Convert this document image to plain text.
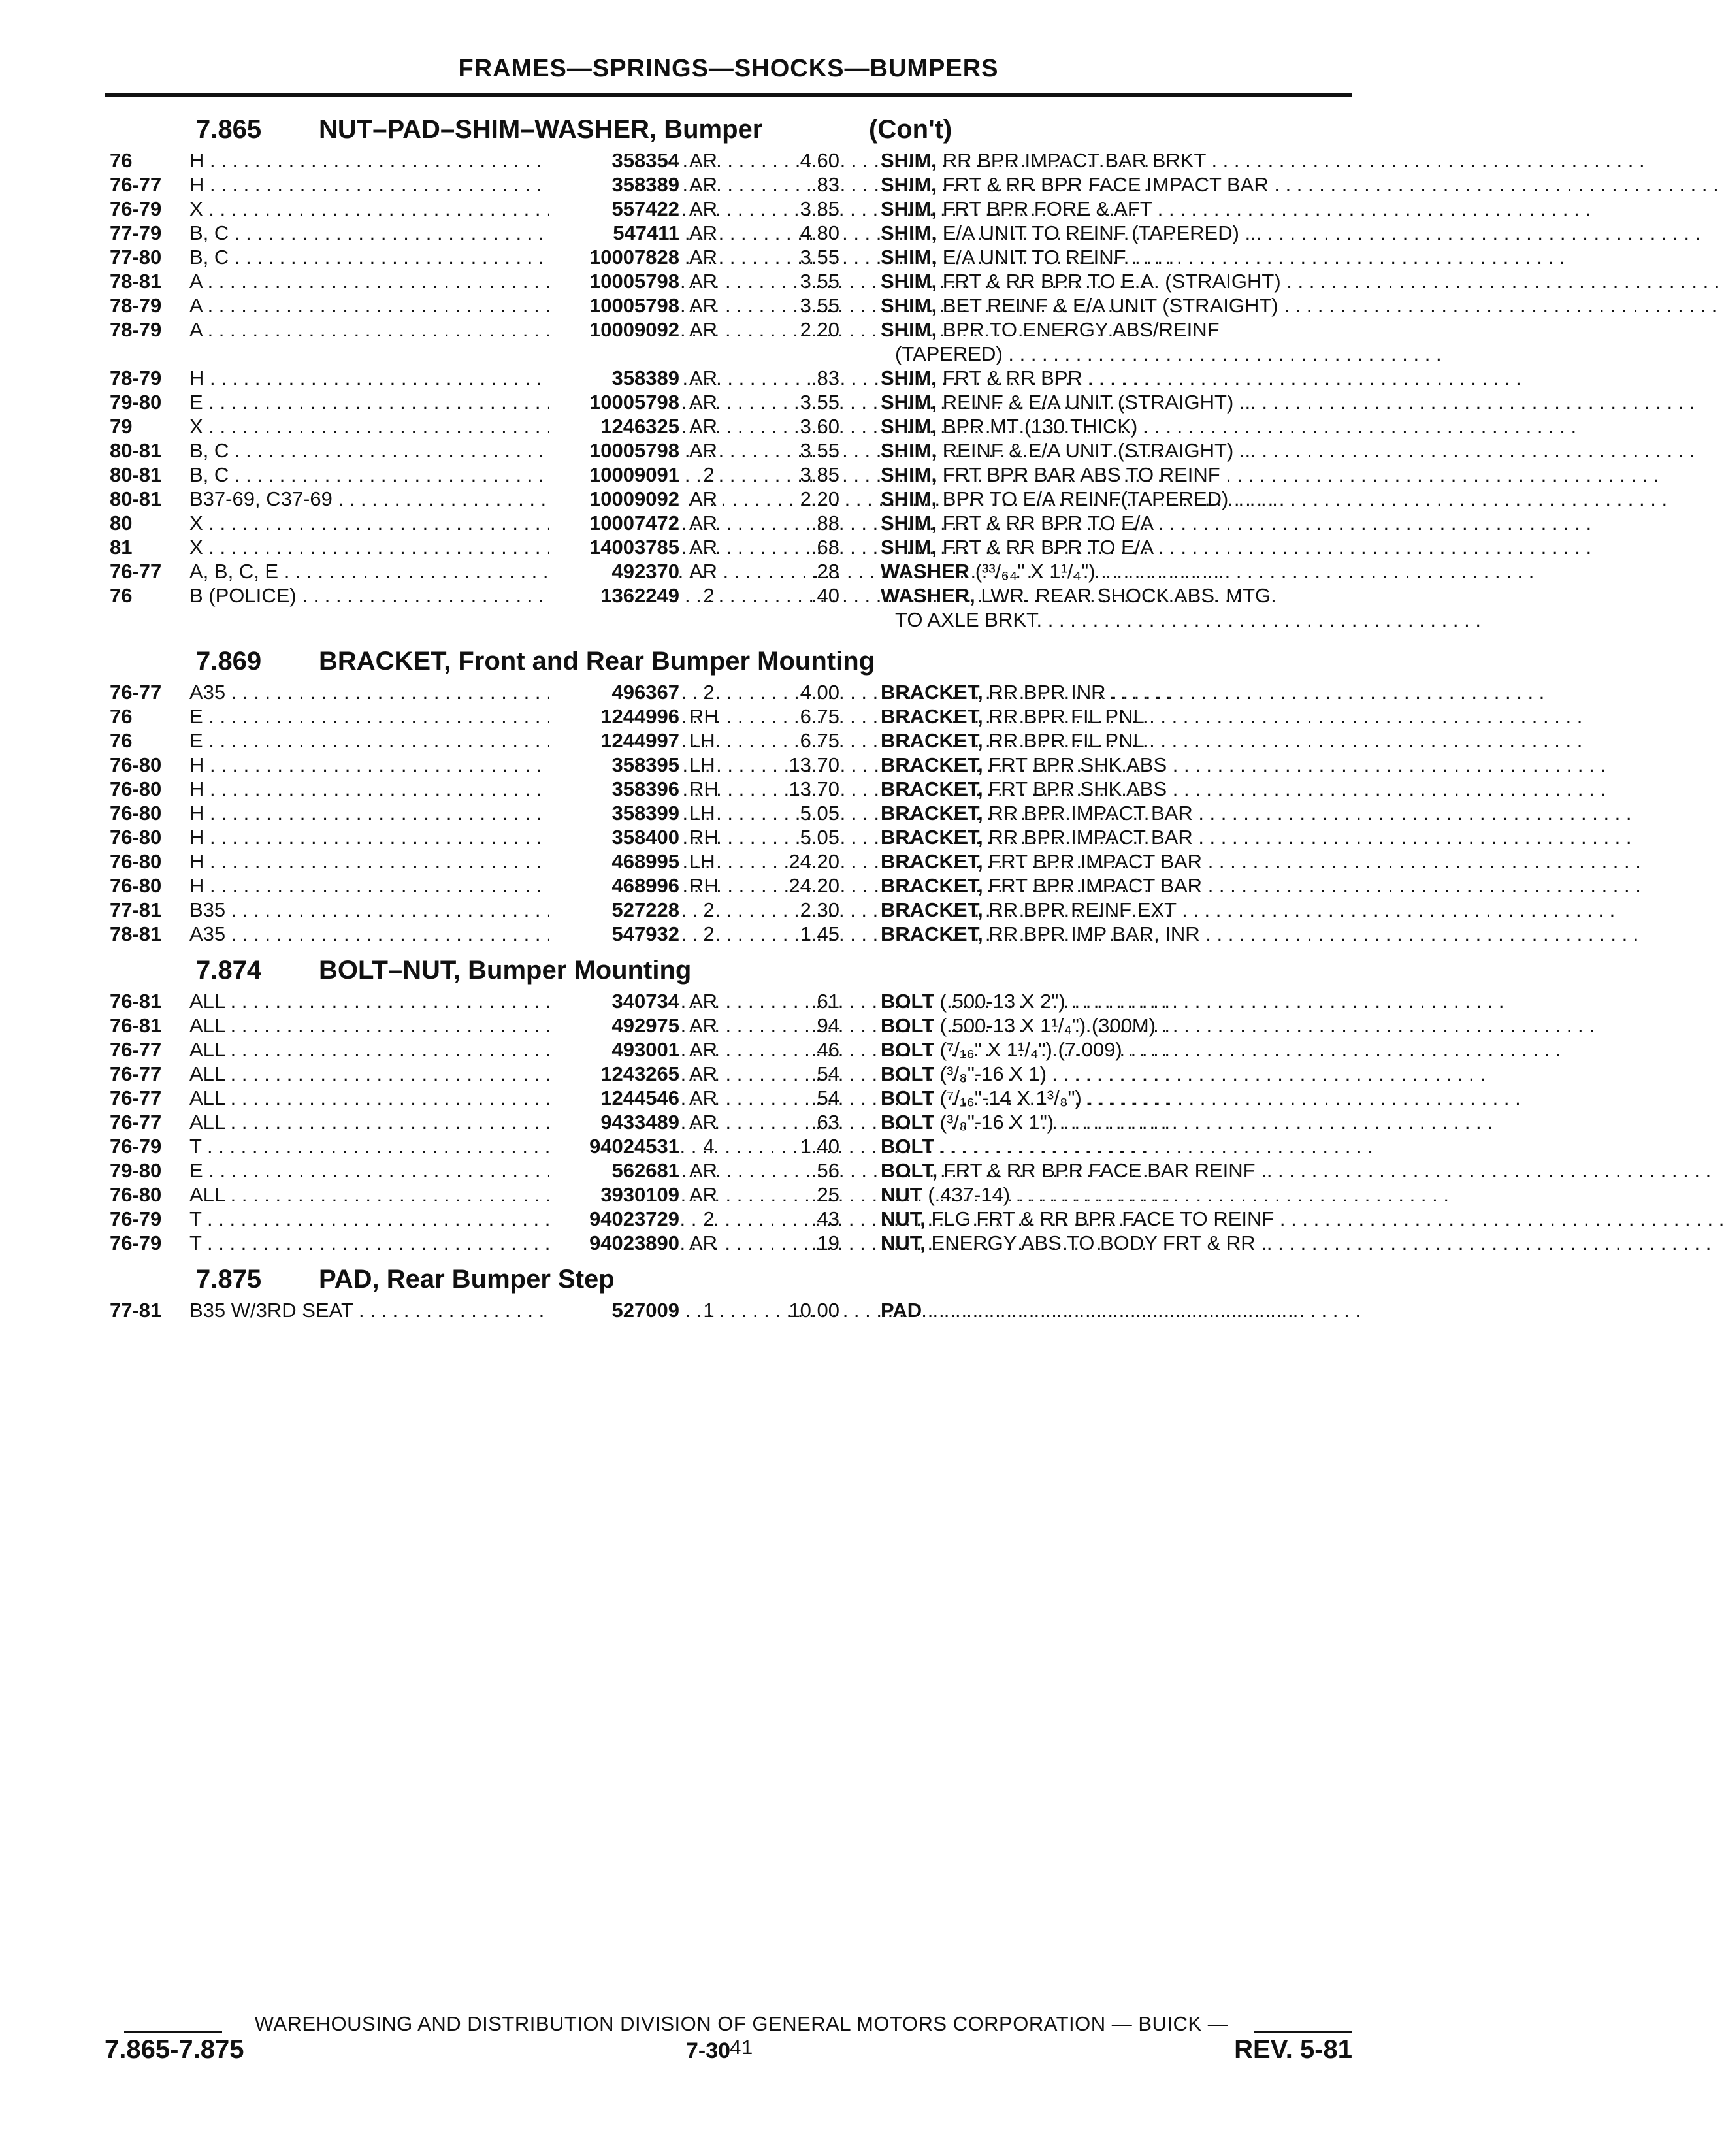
FRAMES—SPRINGS—SHOCKS—BUMPERS
7.865 NUT–PAD–SHIM–WASHER, Bumper	(Con't)
76	H . . .	358354 AR	4.60 SHIM, RR BPR IMPACT BAR BRKT . . . . . . . . . . . . . . . . . . . . . . . . . . . . . . . . . . . . . . .
76-77	H . . .	358389 AR	.83 SHIM, FRT & RR BPR FACE IMPACT BAR . . . . . . . . . . . . . . . . . . . . . . . . . . . . . . . . . . . . . . . .
76-79	X . . .	557422 AR	3.85 SHIM, FRT BPR FORE & AFT . . . . . . . . . . . . . . . . . . . . . . . . . . . . . . . . . . . . . . .
77-79	B, C . . .	547411 AR	4.80 SHIM, E/A UNIT TO REINF (TAPERED) ... . . . . . . . . . . . . . . . . . . . . . . . . . . . . . . . . . . . . . . .
77-80	B, C . . .	10007828 AR	3.55 SHIM, E/A UNIT TO REINF . . . . . . . . . . . . . . . . . . . . . . . . . . . . . . . . . . . . . . .
78-81	A . . .	10005798 AR	3.55 SHIM, FRT & RR BPR TO E.A. (STRAIGHT) . . . . . . . . . . . . . . . . . . . . . . . . . . . . . . . . . . . . . . .
78-79	A . . .	10005798 AR	3.55 SHIM, BET REINF & E/A UNIT (STRAIGHT) . . . . . . . . . . . . . . . . . . . . . . . . . . . . . . . . . . . . . . .
78-79	A . . .	10009092 AR	2.20 SHIM, BPR TO ENERGY ABS/REINF
(TAPERED) . . . . . . . . . . . . . . . . . . . . . . . . . . . . . . . . . . . . . . .
78-79	H . . .	358389 AR	.83 SHIM, FRT & RR BPR . . . . . . . . . . . . . . . . . . . . . . . . . . . . . . . . . . . . . . .
79-80	E . . .	10005798 AR	3.55 SHIM, REINF & E/A UNIT (STRAIGHT) ... . . . . . . . . . . . . . . . . . . . . . . . . . . . . . . . . . . . . . . .
79	X . . .	1246325 AR	3.60 SHIM, BPR MT (130 THICK) . . . . . . . . . . . . . . . . . . . . . . . . . . . . . . . . . . . . . . .
80-81	B, C . . .	10005798 AR	3.55 SHIM, REINF & E/A UNIT (STRAIGHT) ... . . . . . . . . . . . . . . . . . . . . . . . . . . . . . . . . . . . . . . .
80-81	B, C . . .	10009091	2	3.85 SHIM, FRT BPR BAR ABS TO REINF . . . . . . . . . . . . . . . . . . . . . . . . . . . . . . . . . . . . . . .
80-81	B37-69, C37-69 . . .	10009092 AR	2.20 SHIM, BPR TO E/A REINF(TAPERED) . . . . . . . . . . . . . . . . . . . . . . . . . . . . . . . . . . . . . . .
80	X . . .	10007472 AR	.88 SHIM, FRT & RR BPR TO E/A . . . . . . . . . . . . . . . . . . . . . . . . . . . . . . . . . . . . . . .
81	X . . .	14003785 AR	.68 SHIM, FRT & RR BPR TO E/A . . . . . . . . . . . . . . . . . . . . . . . . . . . . . . . . . . . . . . .
76-77	A, B, C, E . . .	492370 AR	.28 WASHER (³³/₆₄" X 1¹/₄") . . . . . . . . . . . . . . . . . . . . . . . . . . . . . . . . . . . . . . .
76	B (POLICE) . . .	1362249	2	.40 WASHER, LWR. REAR SHOCK ABS. MTG.
TO AXLE BRKT. . . . . . . . . . . . . . . . . . . . . . . . . . . . . . . . . . . . . . . .
7.869 BRACKET, Front and Rear Bumper Mounting
76-77	A35 . . .	496367	2	4.00 BRACKET, RR BPR INR . . . . . . . . . . . . . . . . . . . . . . . . . . . . . . . . . . . . . . .
76	E . . .	1244996 RH	6.75 BRACKET, RR BPR FIL PNL . . . . . . . . . . . . . . . . . . . . . . . . . . . . . . . . . . . . . . .
76	E . . .	1244997 LH	6.75 BRACKET, RR BPR FIL PNL . . . . . . . . . . . . . . . . . . . . . . . . . . . . . . . . . . . . . . .
76-80	H . . .	358395 LH	13.70 BRACKET, FRT BPR SHK ABS . . . . . . . . . . . . . . . . . . . . . . . . . . . . . . . . . . . . . . .
76-80	H . . .	358396 RH	13.70 BRACKET, FRT BPR SHK ABS . . . . . . . . . . . . . . . . . . . . . . . . . . . . . . . . . . . . . . .
76-80	H . . .	358399 LH	5.05 BRACKET, RR BPR IMPACT BAR . . . . . . . . . . . . . . . . . . . . . . . . . . . . . . . . . . . . . . .
76-80	H . . .	358400 RH	5.05 BRACKET, RR BPR IMPACT BAR . . . . . . . . . . . . . . . . . . . . . . . . . . . . . . . . . . . . . . .
76-80	H . . .	468995 LH	24.20 BRACKET, FRT BPR IMPACT BAR . . . . . . . . . . . . . . . . . . . . . . . . . . . . . . . . . . . . . . .
76-80	H . . .	468996 RH	24.20 BRACKET, FRT BPR IMPACT BAR . . . . . . . . . . . . . . . . . . . . . . . . . . . . . . . . . . . . . . .
77-81	B35 . . .	527228	2	2.30 BRACKET, RR BPR REINF EXT . . . . . . . . . . . . . . . . . . . . . . . . . . . . . . . . . . . . . . .
78-81	A35 . . .	547932	2	1.45 BRACKET, RR BPR IMP BAR, INR . . . . . . . . . . . . . . . . . . . . . . . . . . . . . . . . . . . . . . .
7.874 BOLT–NUT, Bumper Mounting
76-81	ALL . . .	340734 AR	.61 BOLT (.500-13 X 2") . . . . . . . . . . . . . . . . . . . . . . . . . . . . . . . . . . . . . . .
76-81	ALL . . .	492975 AR	.94 BOLT (.500-13 X 1¹/₄") (300M) . . . . . . . . . . . . . . . . . . . . . . . . . . . . . . . . . . . . . . .
76-77	ALL . . .	493001 AR	.46 BOLT (⁷/₁₆" X 1¹/₄") (7.009) . . . . . . . . . . . . . . . . . . . . . . . . . . . . . . . . . . . . . . .
76-77	ALL . . .	1243265 AR	.54 BOLT (³/₈"-16 X 1) . . . . . . . . . . . . . . . . . . . . . . . . . . . . . . . . . . . . . . .
76-77	ALL . . .	1244546 AR	.54 BOLT (⁷/₁₆"-14 X 1³/₈") . . . . . . . . . . . . . . . . . . . . . . . . . . . . . . . . . . . . . . .
76-77	ALL . . .	9433489 AR	.63 BOLT (³/₈"-16 X 1") . . . . . . . . . . . . . . . . . . . . . . . . . . . . . . . . . . . . . . .
76-79	T . . .	94024531	4	1.40 BOLT . . . . . . . . . . . . . . . . . . . . . . . . . . . . . . . . . . . . . . .
79-80	E . . .	562681 AR	.56 BOLT, FRT & RR BPR FACE BAR REINF .. . . . . . . . . . . . . . . . . . . . . . . . . . . . . . . . . . . . . . . .
76-80	ALL . . .	3930109 AR	.25 NUT (.437-14) . . . . . . . . . . . . . . . . . . . . . . . . . . . . . . . . . . . . . . .
76-79	T . . .	94023729	2	.43 NUT, FLG FRT & RR BPR FACE TO REINF . . . . . . . . . . . . . . . . . . . . . . . . . . . . . . . . . . . . . . . .
76-79	T . . .	94023890 AR	.19 NUT, ENERGY ABS TO BODY FRT & RR .. . . . . . . . . . . . . . . . . . . . . . . . . . . . . . . . . . . . . . . .
7.875 PAD, Rear Bumper Step
77-81	B35 W/3RD SEAT . . .	527009	1	10.00 PAD . . . . . . . . . . . . . . . . . . . . . . . . . . . . . . . . . . . . . . .
WAREHOUSING AND DISTRIBUTION DIVISION OF GENERAL MOTORS CORPORATION — BUICK — 41
7.865-7.875	7-30	REV. 5-81
